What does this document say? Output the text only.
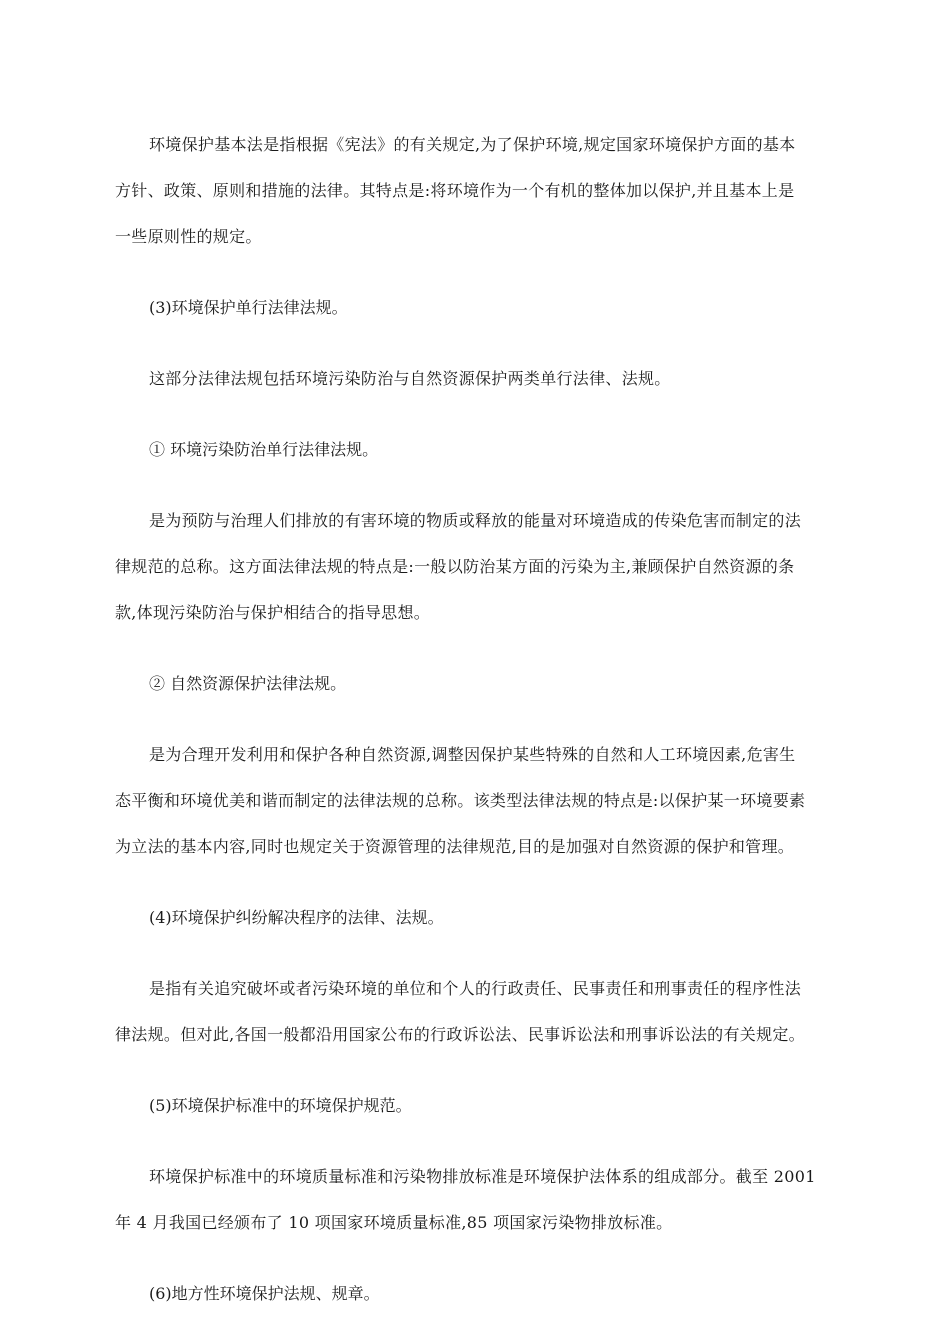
环境保护基本法是指根据《宪法》的有关规定,为了保护环境,规定国家环境保护方面的基本
方针、政策、原则和措施的法律。其特点是:将环境作为一个有机的整体加以保护,并且基本上是
一些原则性的规定。
(3)环境保护单行法律法规。
这部分法律法规包括环境污染防治与自然资源保护两类单行法律、法规。
① 环境污染防治单行法律法规。
是为预防与治理人们排放的有害环境的物质或释放的能量对环境造成的传染危害而制定的法
律规范的总称。这方面法律法规的特点是:一般以防治某方面的污染为主,兼顾保护自然资源的条
款,体现污染防治与保护相结合的指导思想。
② 自然资源保护法律法规。
是为合理开发利用和保护各种自然资源,调整因保护某些特殊的自然和人工环境因素,危害生
态平衡和环境优美和谐而制定的法律法规的总称。该类型法律法规的特点是:以保护某一环境要素
为立法的基本内容,同时也规定关于资源管理的法律规范,目的是加强对自然资源的保护和管理。
(4)环境保护纠纷解决程序的法律、法规。
是指有关追究破坏或者污染环境的单位和个人的行政责任、民事责任和刑事责任的程序性法
律法规。但对此,各国一般都沿用国家公布的行政诉讼法、民事诉讼法和刑事诉讼法的有关规定。
(5)环境保护标准中的环境保护规范。
环境保护标准中的环境质量标准和污染物排放标准是环境保护法体系的组成部分。截至 2001
年 4 月我国已经颁布了 10 项国家环境质量标准,85 项国家污染物排放标准。
(6)地方性环境保护法规、规章。
